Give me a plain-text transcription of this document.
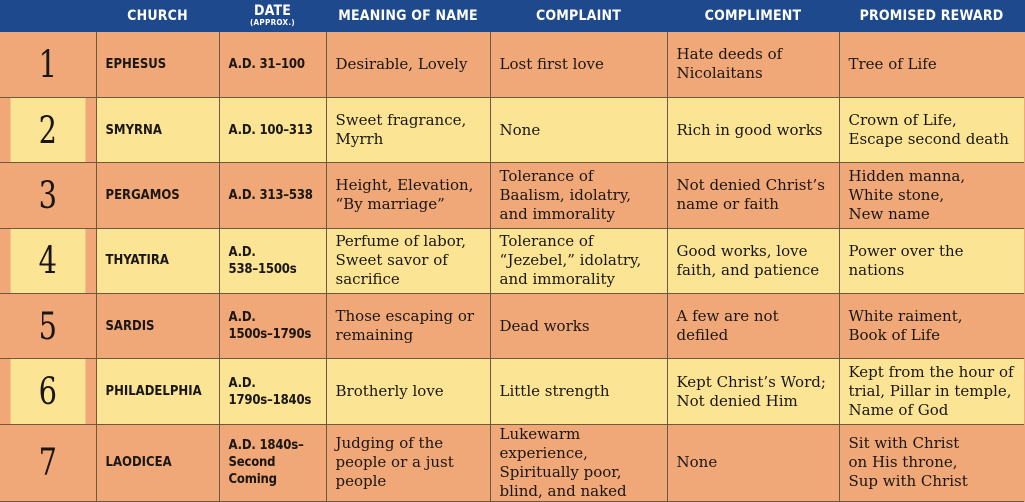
	CHURCH	DATE
(APPROX.)	MEANING OF NAME	COMPLAINT	COMPLIMENT	PROMISED REWARD
1	EPHESUS	A.D. 31–100	Desirable, Lovely	Lost first love	Hate deeds of
Nicolaitans	Tree of Life
2	SMYRNA	A.D. 100–313	Sweet fragrance,
Myrrh	None	Rich in good works	Crown of Life,
Escape second death
3	PERGAMOS	A.D. 313–538	Height, Elevation,
“By marriage”	Tolerance of
Baalism, idolatry,
and immorality	Not denied Christ’s
name or faith	Hidden manna,
White stone,
New name
4	THYATIRA	A.D.
538–1500s	Perfume of labor,
Sweet savor of
sacrifice	Tolerance of
“Jezebel,” idolatry,
and immorality	Good works, love
faith, and patience	Power over the nations
5	SARDIS	A.D.
1500s–1790s	Those escaping or
remaining	Dead works	A few are not defiled	White raiment,
Book of Life
6	PHILADELPHIA	A.D.
1790s–1840s	Brotherly love	Little strength	Kept Christ’s Word;
Not denied Him	Kept from the hour of
trial, Pillar in temple,
Name of God
7	LAODICEA	A.D. 1840s–
Second Coming	Judging of the
people or a just
people	Lukewarm experience,
Spiritually poor,
blind, and naked	None	Sit with Christ
on His throne,
Sup with Christ
